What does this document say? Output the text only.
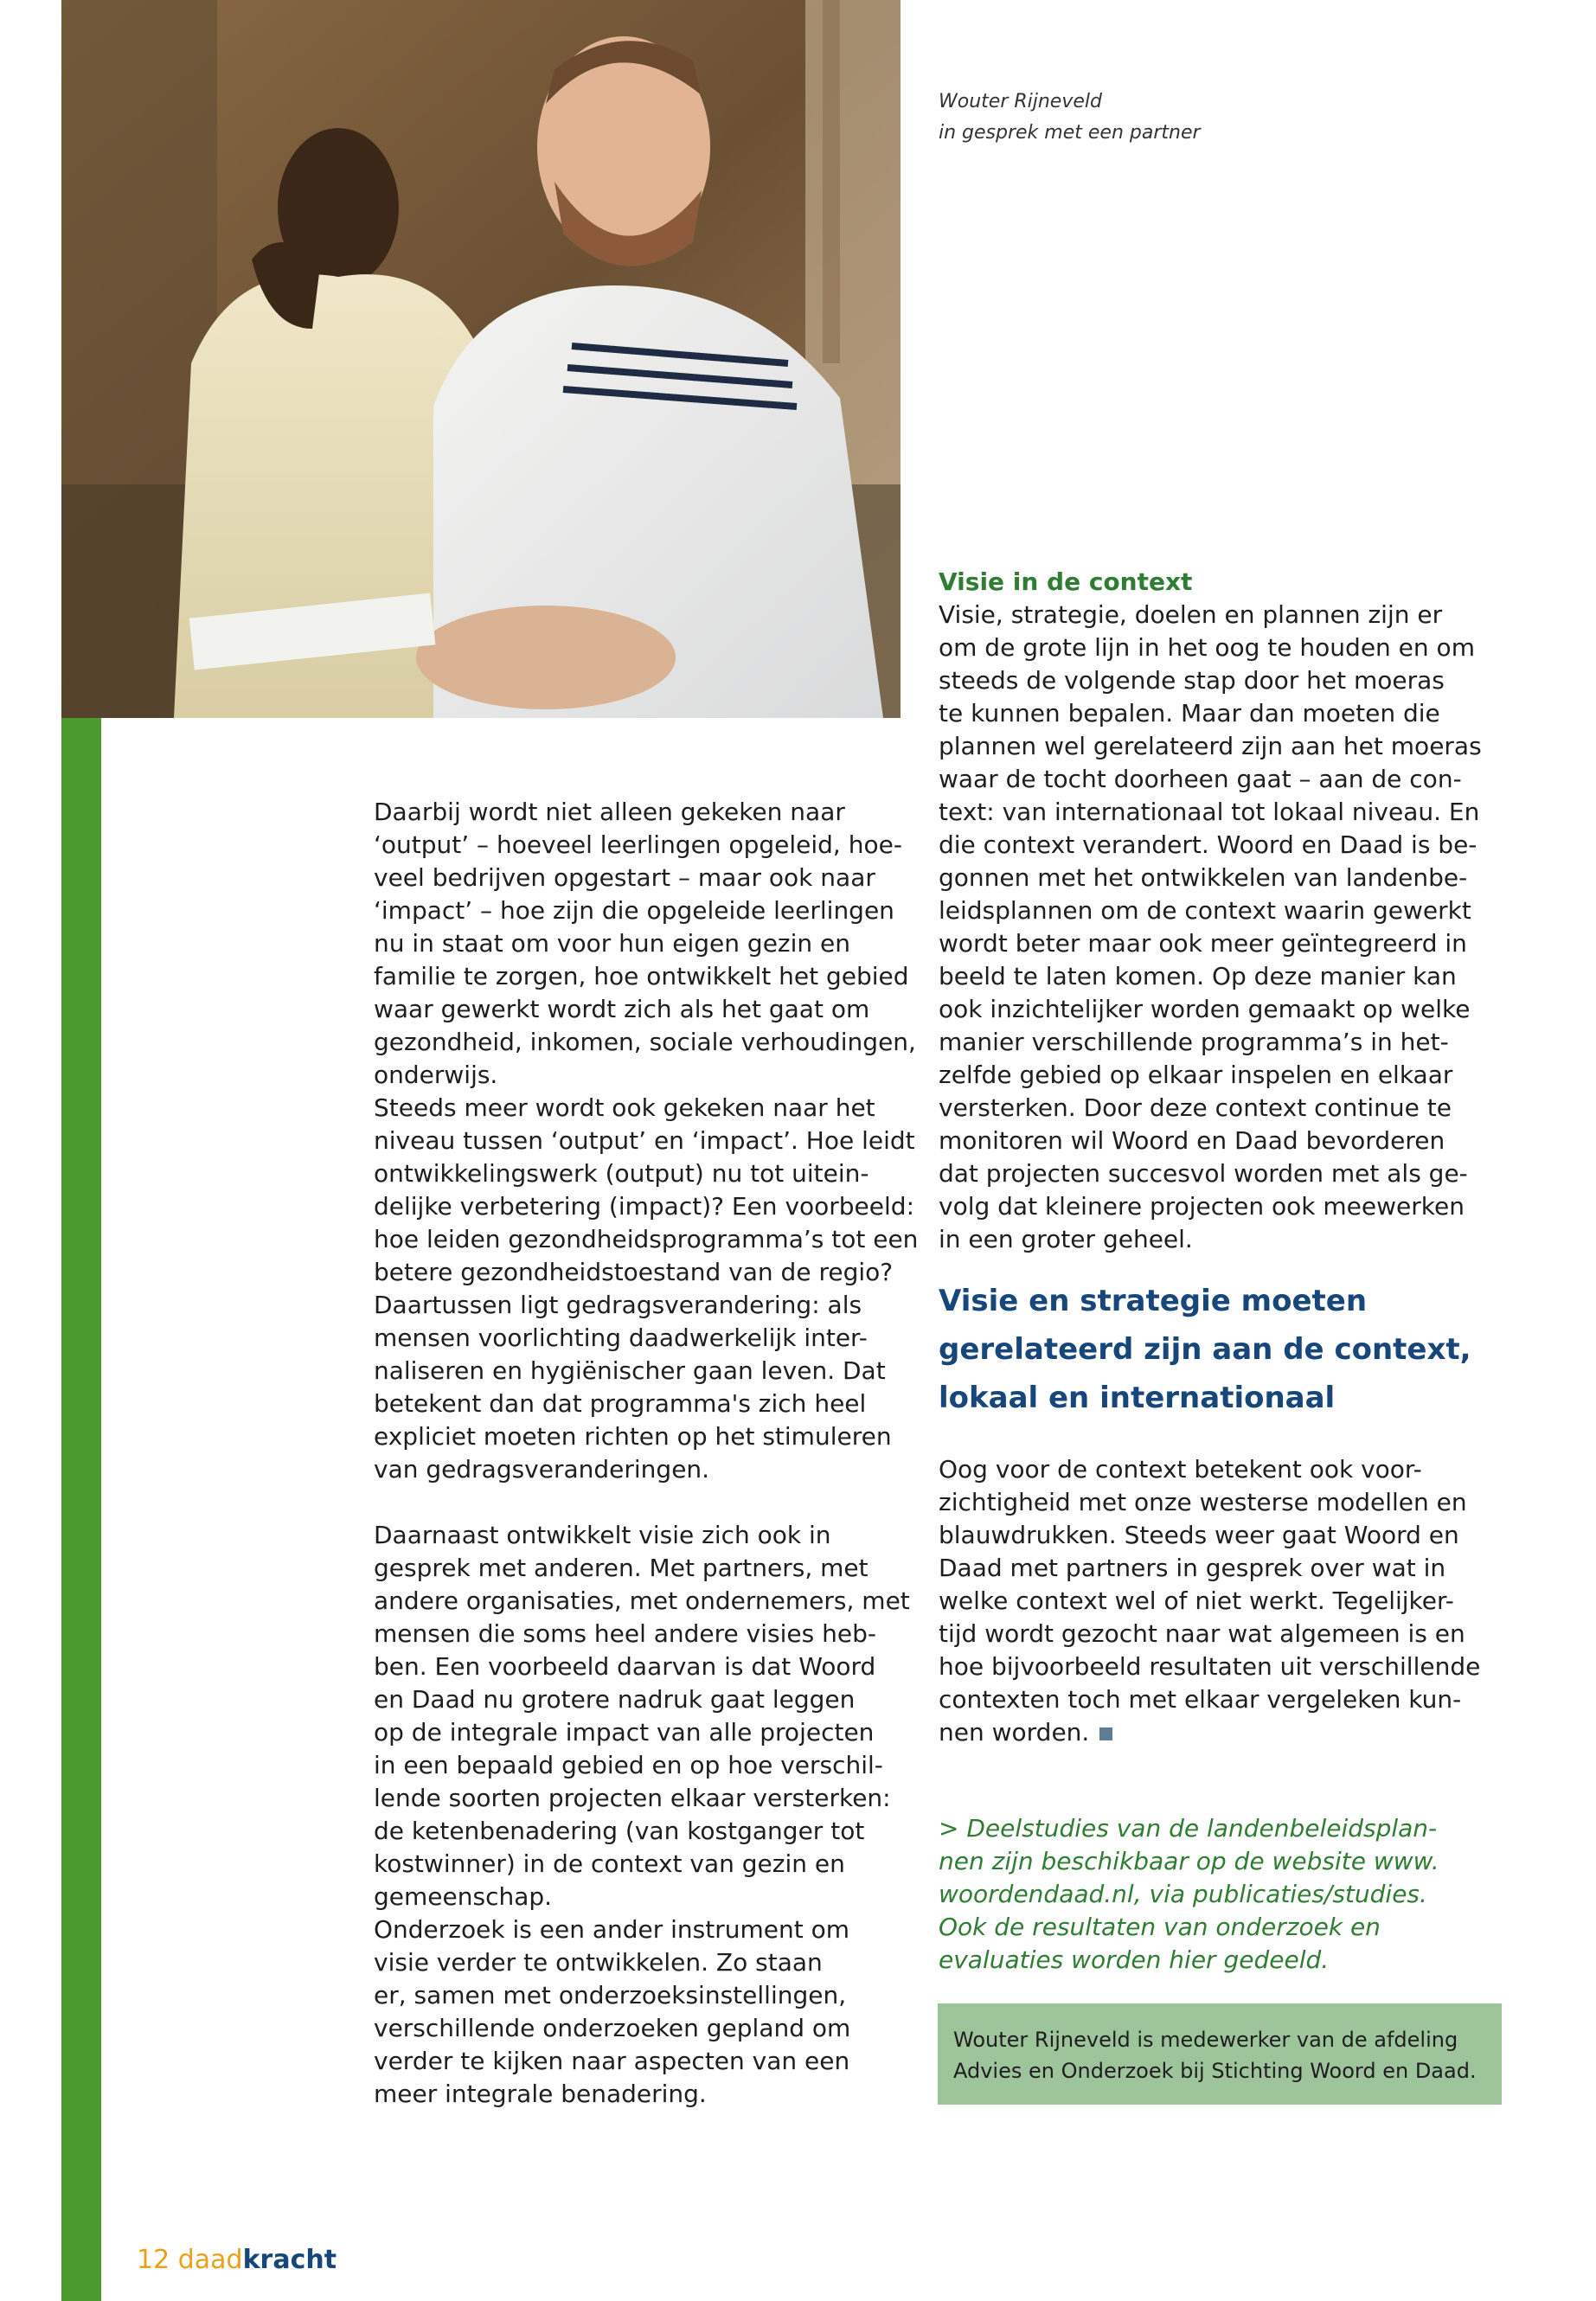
Wouter Rijneveld
in gesprek met een partner
Daarbij wordt niet alleen gekeken naar
‘output’ – hoeveel leerlingen opgeleid, hoe-
veel bedrijven opgestart – maar ook naar
‘impact’ – hoe zijn die opgeleide leerlingen
nu in staat om voor hun eigen gezin en
familie te zorgen, hoe ontwikkelt het gebied
waar gewerkt wordt zich als het gaat om
gezondheid, inkomen, sociale verhoudingen,
onderwijs.
Steeds meer wordt ook gekeken naar het
niveau tussen ‘output’ en ‘impact’. Hoe leidt
ontwikkelingswerk (output) nu tot uitein-
delijke verbetering (impact)? Een voorbeeld:
hoe leiden gezondheidsprogramma’s tot een
betere gezondheidstoestand van de regio?
Daartussen ligt gedragsverandering: als
mensen voorlichting daadwerkelijk inter-
naliseren en hygiënischer gaan leven. Dat
betekent dan dat programma's zich heel
expliciet moeten richten op het stimuleren
van gedragsveranderingen.
Daarnaast ontwikkelt visie zich ook in
gesprek met anderen. Met partners, met
andere organisaties, met ondernemers, met
mensen die soms heel andere visies heb-
ben. Een voorbeeld daarvan is dat Woord
en Daad nu grotere nadruk gaat leggen
op de integrale impact van alle projecten
in een bepaald gebied en op hoe verschil-
lende soorten projecten elkaar versterken:
de ketenbenadering (van kostganger tot
kostwinner) in de context van gezin en
gemeenschap.
Onderzoek is een ander instrument om
visie verder te ontwikkelen. Zo staan
er, samen met onderzoeksinstellingen,
verschillende onderzoeken gepland om
verder te kijken naar aspecten van een
meer integrale benadering.
Visie in de context
Visie, strategie, doelen en plannen zijn er
om de grote lijn in het oog te houden en om
steeds de volgende stap door het moeras
te kunnen bepalen. Maar dan moeten die
plannen wel gerelateerd zijn aan het moeras
waar de tocht doorheen gaat – aan de con-
text: van internationaal tot lokaal niveau. En
die context verandert. Woord en Daad is be-
gonnen met het ontwikkelen van landenbe-
leidsplannen om de context waarin gewerkt
wordt beter maar ook meer geïntegreerd in
beeld te laten komen. Op deze manier kan
ook inzichtelijker worden gemaakt op welke
manier verschillende programma’s in het-
zelfde gebied op elkaar inspelen en elkaar
versterken. Door deze context continue te
monitoren wil Woord en Daad bevorderen
dat projecten succesvol worden met als ge-
volg dat kleinere projecten ook meewerken
in een groter geheel.
Visie en strategie moeten
gerelateerd zijn aan de context,
lokaal en internationaal
Oog voor de context betekent ook voor-
zichtigheid met onze westerse modellen en
blauwdrukken. Steeds weer gaat Woord en
Daad met partners in gesprek over wat in
welke context wel of niet werkt. Tegelijker-
tijd wordt gezocht naar wat algemeen is en
hoe bijvoorbeeld resultaten uit verschillende
contexten toch met elkaar vergeleken kun-
nen worden.
> Deelstudies van de landenbeleidsplan-
nen zijn beschikbaar op de website www.
woordendaad.nl, via publicaties/studies.
Ook de resultaten van onderzoek en
evaluaties worden hier gedeeld.
Wouter Rijneveld is medewerker van de afdeling
Advies en Onderzoek bij Stichting Woord en Daad.
12 daadkracht
